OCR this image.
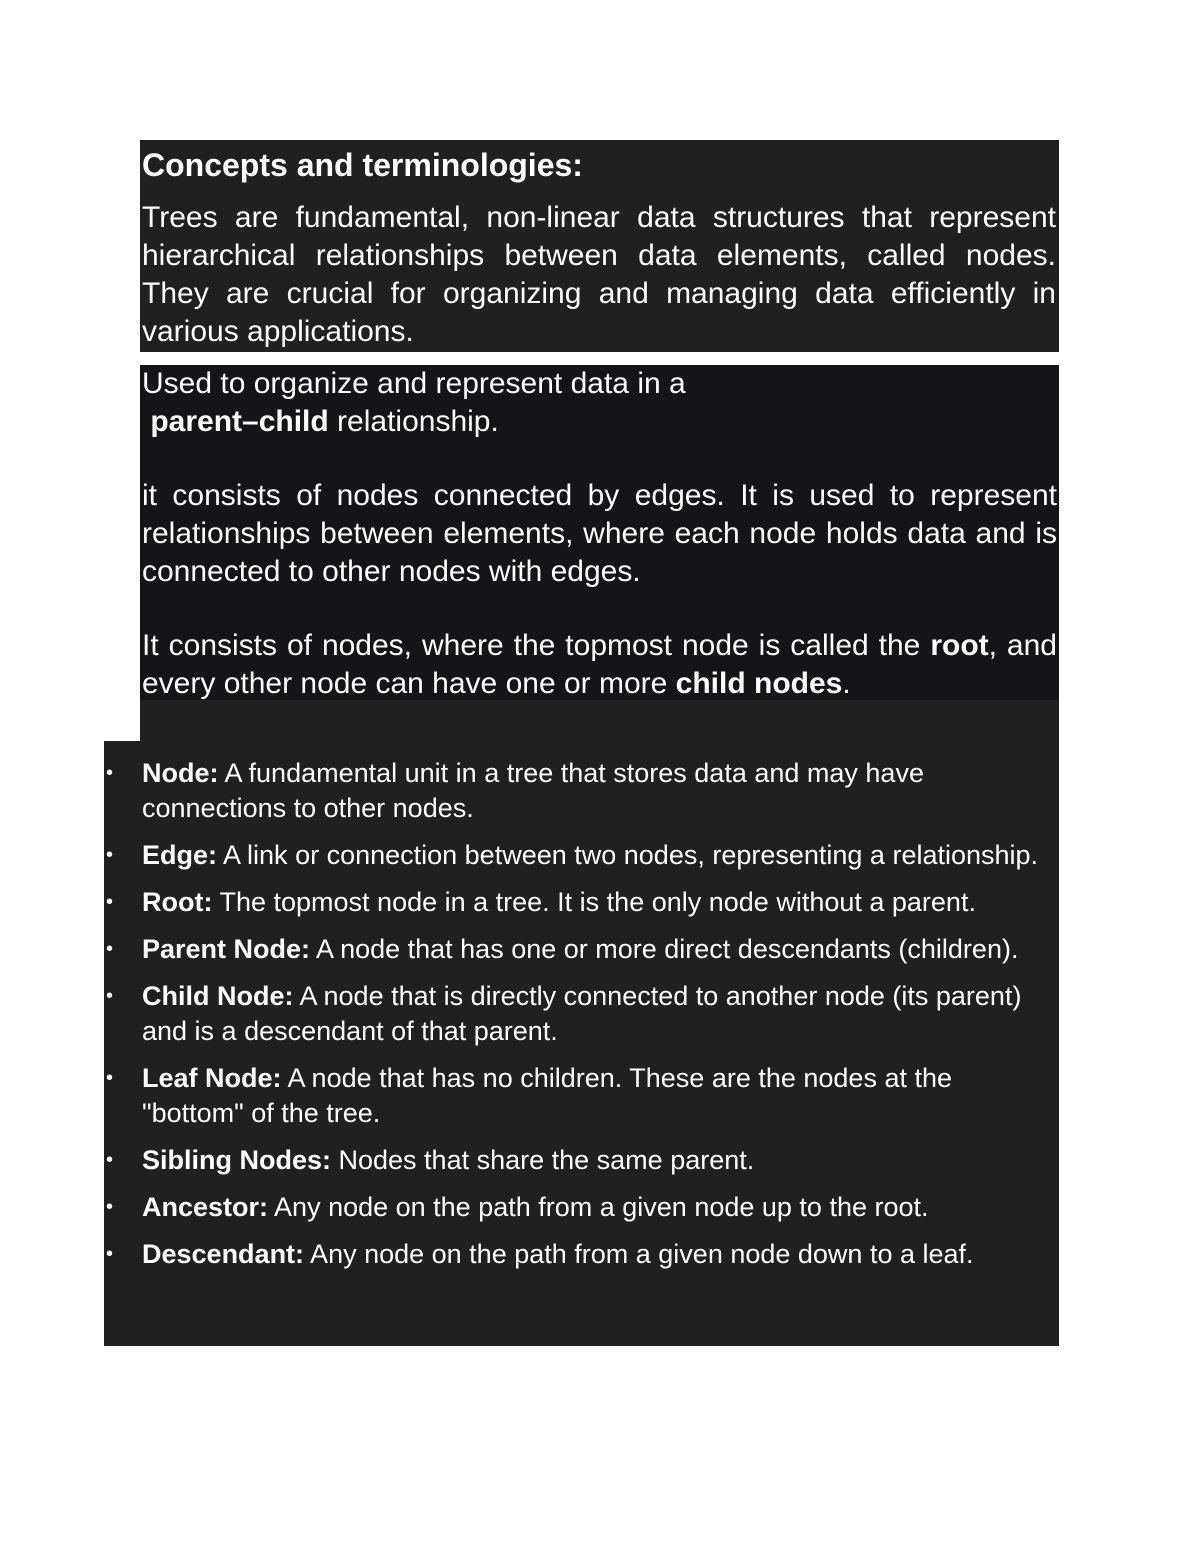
Concepts and terminologies:

Trees are fundamental, non-linear data structures that represent hierarchical relationships between data elements, called nodes. They are crucial for organizing and managing data efficiently in various applications.

Used to organize and represent data in a

parent–child relationship.

it consists of nodes connected by edges. It is used to represent relationships between elements, where each node holds data and is connected to other nodes with edges.

It consists of nodes, where the topmost node is called the root, and every other node can have one or more child nodes.

• Node: A fundamental unit in a tree that stores data and may have connections to other nodes.
• Edge: A link or connection between two nodes, representing a relationship.
• Root: The topmost node in a tree. It is the only node without a parent.
• Parent Node: A node that has one or more direct descendants (children).
• Child Node: A node that is directly connected to another node (its parent) and is a descendant of that parent.
• Leaf Node: A node that has no children. These are the nodes at the "bottom" of the tree.
• Sibling Nodes: Nodes that share the same parent.
• Ancestor: Any node on the path from a given node up to the root.
• Descendant: Any node on the path from a given node down to a leaf.
